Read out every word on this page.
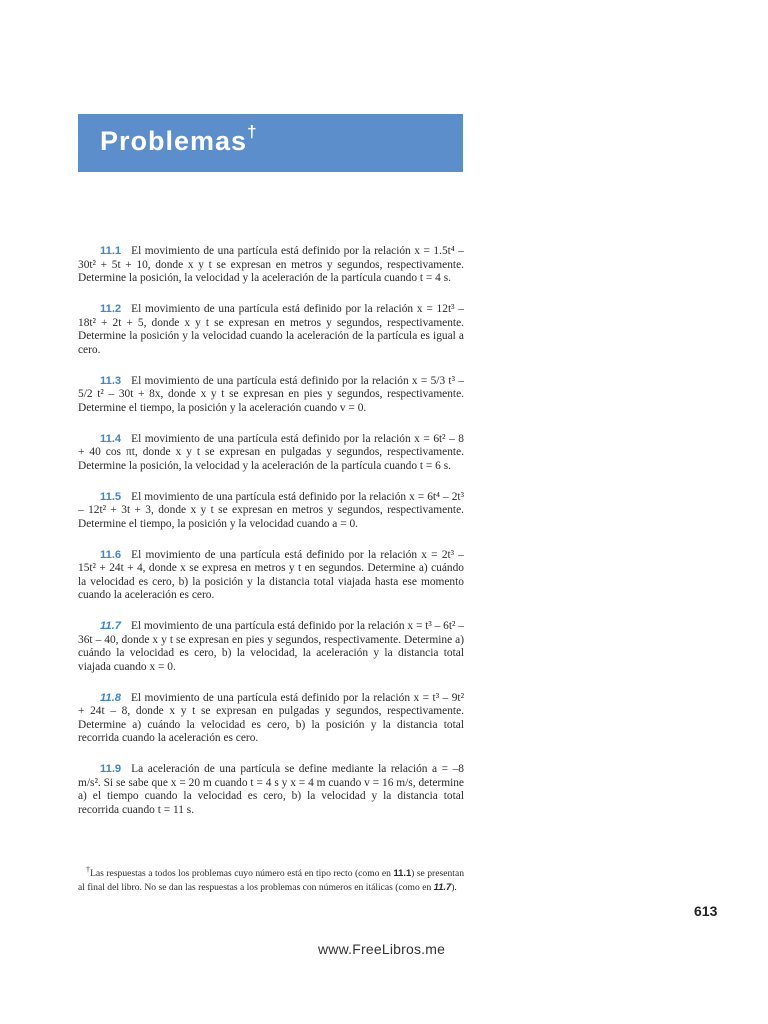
Problemas†

11.1 El movimiento de una partícula está definido por la relación x = 1.5t⁴ – 30t² + 5t + 10, donde x y t se expresan en metros y segundos, respectivamente. Determine la posición, la velocidad y la aceleración de la partícula cuando t = 4 s.

11.2 El movimiento de una partícula está definido por la relación x = 12t³ – 18t² + 2t + 5, donde x y t se expresan en metros y segundos, respectivamente. Determine la posición y la velocidad cuando la aceleración de la partícula es igual a cero.

11.3 El movimiento de una partícula está definido por la relación x = 5/3 t³ – 5/2 t² – 30t + 8x, donde x y t se expresan en pies y segundos, respectivamente. Determine el tiempo, la posición y la aceleración cuando v = 0.

11.4 El movimiento de una partícula está definido por la relación x = 6t² – 8 + 40 cos πt, donde x y t se expresan en pulgadas y segundos, respectivamente. Determine la posición, la velocidad y la aceleración de la partícula cuando t = 6 s.

11.5 El movimiento de una partícula está definido por la relación x = 6t⁴ – 2t³ – 12t² + 3t + 3, donde x y t se expresan en metros y segundos, respectivamente. Determine el tiempo, la posición y la velocidad cuando a = 0.

11.6 El movimiento de una partícula está definido por la relación x = 2t³ – 15t² + 24t + 4, donde x se expresa en metros y t en segundos. Determine a) cuándo la velocidad es cero, b) la posición y la distancia total viajada hasta ese momento cuando la aceleración es cero.

11.7 El movimiento de una partícula está definido por la relación x = t³ – 6t² – 36t – 40, donde x y t se expresan en pies y segundos, respectivamente. Determine a) cuándo la velocidad es cero, b) la velocidad, la aceleración y la distancia total viajada cuando x = 0.

11.8 El movimiento de una partícula está definido por la relación x = t³ – 9t² + 24t – 8, donde x y t se expresan en pulgadas y segundos, respectivamente. Determine a) cuándo la velocidad es cero, b) la posición y la distancia total recorrida cuando la aceleración es cero.

11.9 La aceleración de una partícula se define mediante la relación a = –8 m/s². Si se sabe que x = 20 m cuando t = 4 s y x = 4 m cuando v = 16 m/s, determine a) el tiempo cuando la velocidad es cero, b) la velocidad y la distancia total recorrida cuando t = 11 s.

†Las respuestas a todos los problemas cuyo número está en tipo recto (como en 11.1) se presentan al final del libro. No se dan las respuestas a los problemas con números en itálicas (como en 11.7).
613
www.FreeLibros.me
